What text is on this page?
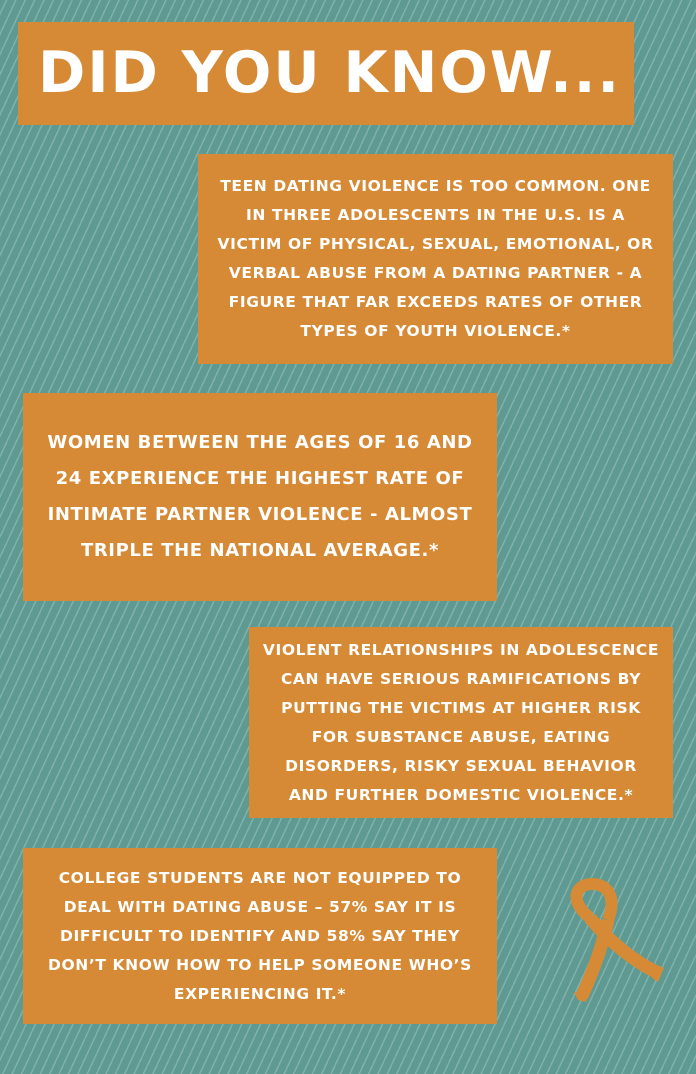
DID YOU KNOW...
TEEN DATING VIOLENCE IS TOO COMMON. ONE
IN THREE ADOLESCENTS IN THE U.S. IS A
VICTIM OF PHYSICAL, SEXUAL, EMOTIONAL, OR
VERBAL ABUSE FROM A DATING PARTNER - A
FIGURE THAT FAR EXCEEDS RATES OF OTHER
TYPES OF YOUTH VIOLENCE.*
WOMEN BETWEEN THE AGES OF 16 AND
24 EXPERIENCE THE HIGHEST RATE OF
INTIMATE PARTNER VIOLENCE - ALMOST
TRIPLE THE NATIONAL AVERAGE.*
VIOLENT RELATIONSHIPS IN ADOLESCENCE
CAN HAVE SERIOUS RAMIFICATIONS BY
PUTTING THE VICTIMS AT HIGHER RISK
FOR SUBSTANCE ABUSE, EATING
DISORDERS, RISKY SEXUAL BEHAVIOR
AND FURTHER DOMESTIC VIOLENCE.*
COLLEGE STUDENTS ARE NOT EQUIPPED TO
DEAL WITH DATING ABUSE – 57% SAY IT IS
DIFFICULT TO IDENTIFY AND 58% SAY THEY
DON’T KNOW HOW TO HELP SOMEONE WHO’S
EXPERIENCING IT.*
